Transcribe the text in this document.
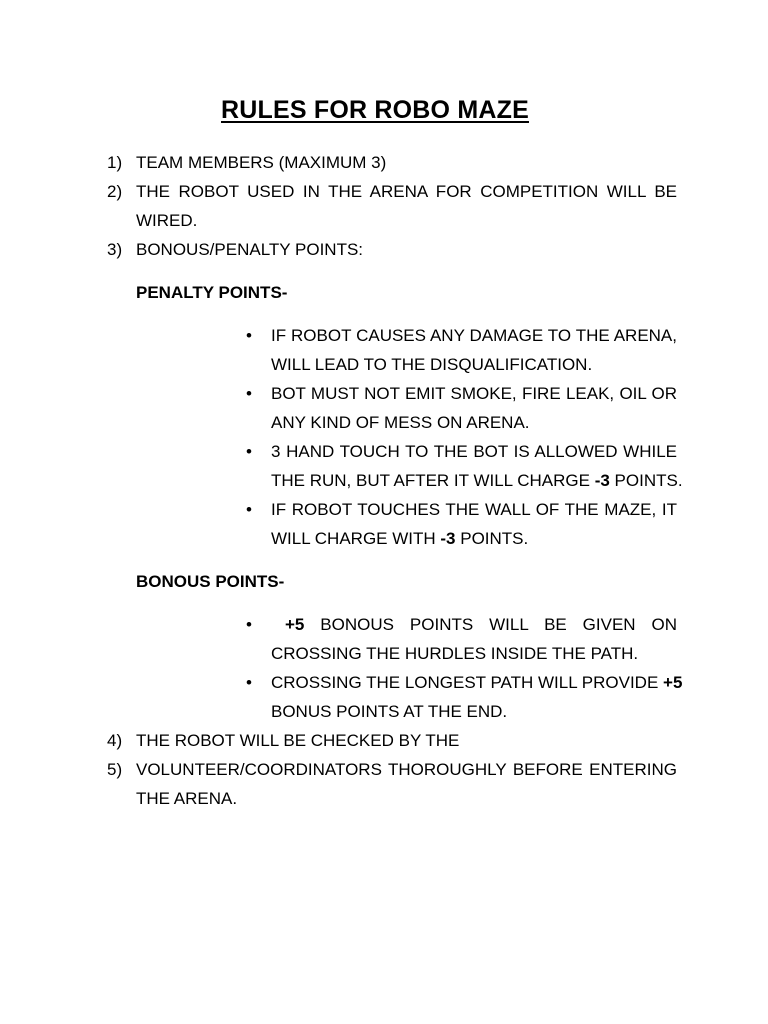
RULES FOR ROBO MAZE
1) TEAM MEMBERS (MAXIMUM 3)
2) THE ROBOT USED IN THE ARENA FOR COMPETITION WILL BE
WIRED.
3) BONOUS/PENALTY POINTS:
PENALTY POINTS-
• IF ROBOT CAUSES ANY DAMAGE TO THE ARENA,
WILL LEAD TO THE DISQUALIFICATION.
• BOT MUST NOT EMIT SMOKE, FIRE LEAK, OIL OR
ANY KIND OF MESS ON ARENA.
• 3 HAND TOUCH TO THE BOT IS ALLOWED WHILE
THE RUN, BUT AFTER IT WILL CHARGE -3 POINTS.
• IF ROBOT TOUCHES THE WALL OF THE MAZE, IT
WILL CHARGE WITH -3 POINTS.
BONOUS POINTS-
• +5 BONOUS POINTS WILL BE GIVEN ON
CROSSING THE HURDLES INSIDE THE PATH.
• CROSSING THE LONGEST PATH WILL PROVIDE +5
BONUS POINTS AT THE END.
4) THE ROBOT WILL BE CHECKED BY THE
5) VOLUNTEER/COORDINATORS THOROUGHLY BEFORE ENTERING
THE ARENA.
